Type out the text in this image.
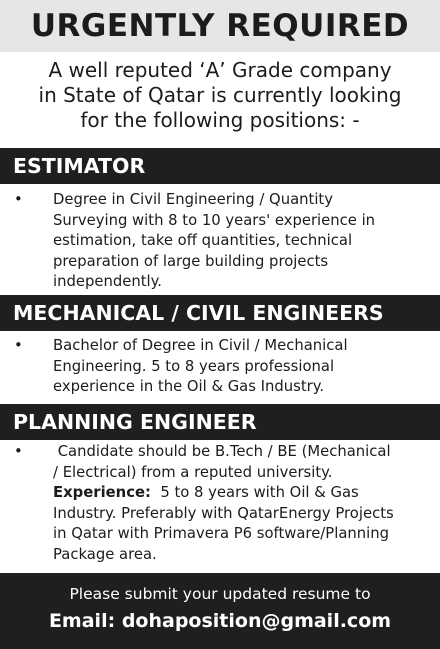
URGENTLY REQUIRED
A well reputed ‘A’ Grade company
in State of Qatar is currently looking
for the following positions: -
ESTIMATOR
• Degree in Civil Engineering / Quantity
Surveying with 8 to 10 years' experience in
estimation, take off quantities, technical
preparation of large building projects
independently.
MECHANICAL / CIVIL ENGINEERS
• Bachelor of Degree in Civil / Mechanical
Engineering. 5 to 8 years professional
experience in the Oil & Gas Industry.
PLANNING ENGINEER
• Candidate should be B.Tech / BE (Mechanical
/ Electrical) from a reputed university.
Experience:  5 to 8 years with Oil & Gas
Industry. Preferably with QatarEnergy Projects
in Qatar with Primavera P6 software/Planning
Package area.
Please submit your updated resume to
Email: dohaposition@gmail.com
